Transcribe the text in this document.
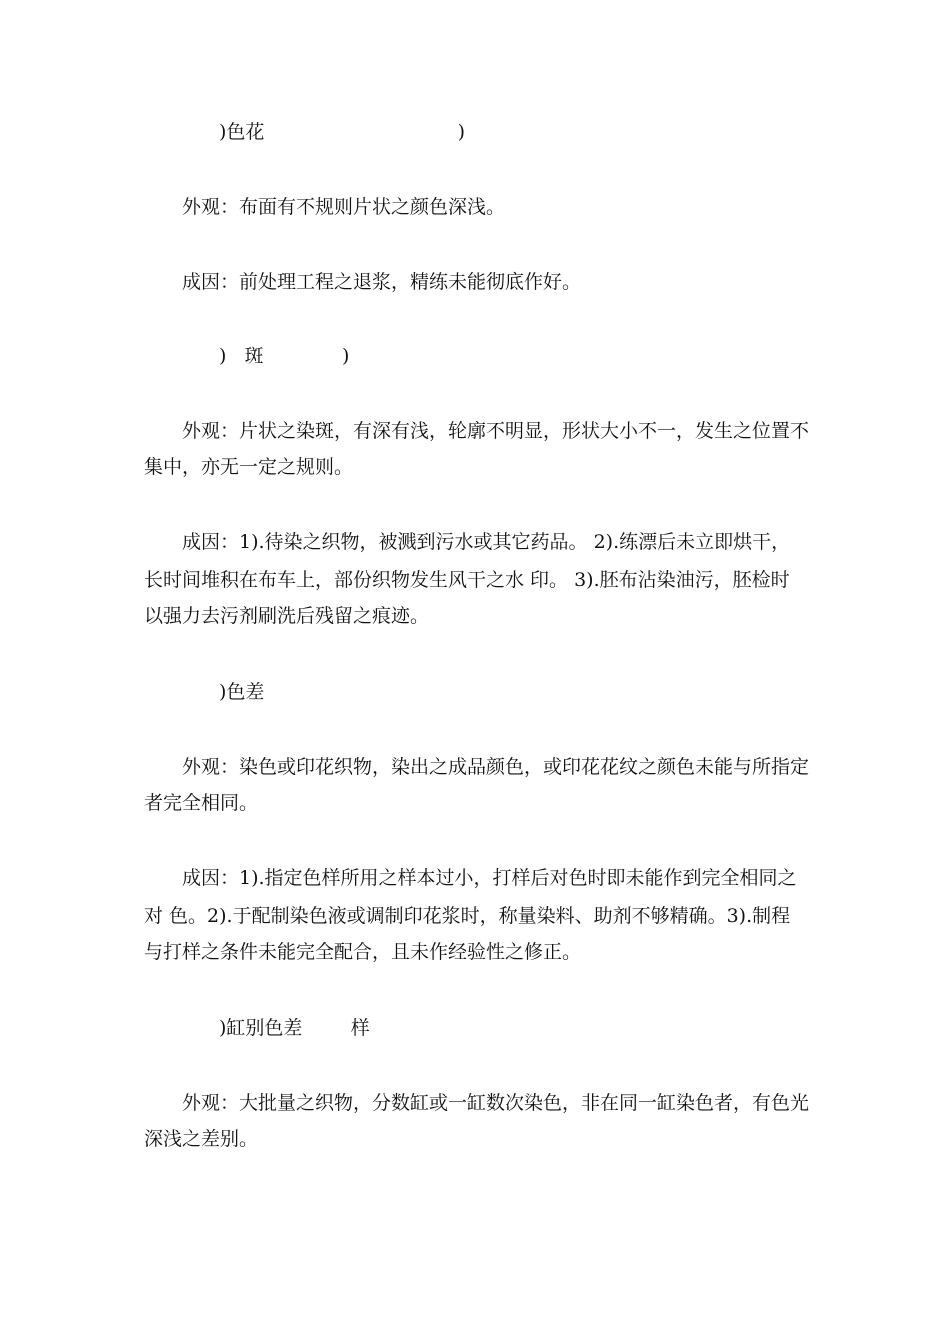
)色花                                )
外观：布面有不规则片状之颜色深浅。
成因：前处理工程之退浆，精练未能彻底作好。
)   斑             )
外观：片状之染斑，有深有浅，轮廓不明显，形状大小不一，发生之位置不
集中，亦无一定之规则。
成因：1).待染之织物，被溅到污水或其它药品。 2).练漂后未立即烘干，
长时间堆积在布车上，部份织物发生风干之水 印。 3).胚布沾染油污，胚检时
以强力去污剂刷洗后残留之痕迹。
)色差
外观：染色或印花织物，染出之成品颜色，或印花花纹之颜色未能与所指定
者完全相同。
成因：1).指定色样所用之样本过小，打样后对色时即未能作到完全相同之
对 色。2).于配制染色液或调制印花浆时，称量染料、助剂不够精确。3).制程
与打样之条件未能完全配合，且未作经验性之修正。
)缸别色差        样
外观：大批量之织物，分数缸或一缸数次染色，非在同一缸染色者，有色光
深浅之差别。
